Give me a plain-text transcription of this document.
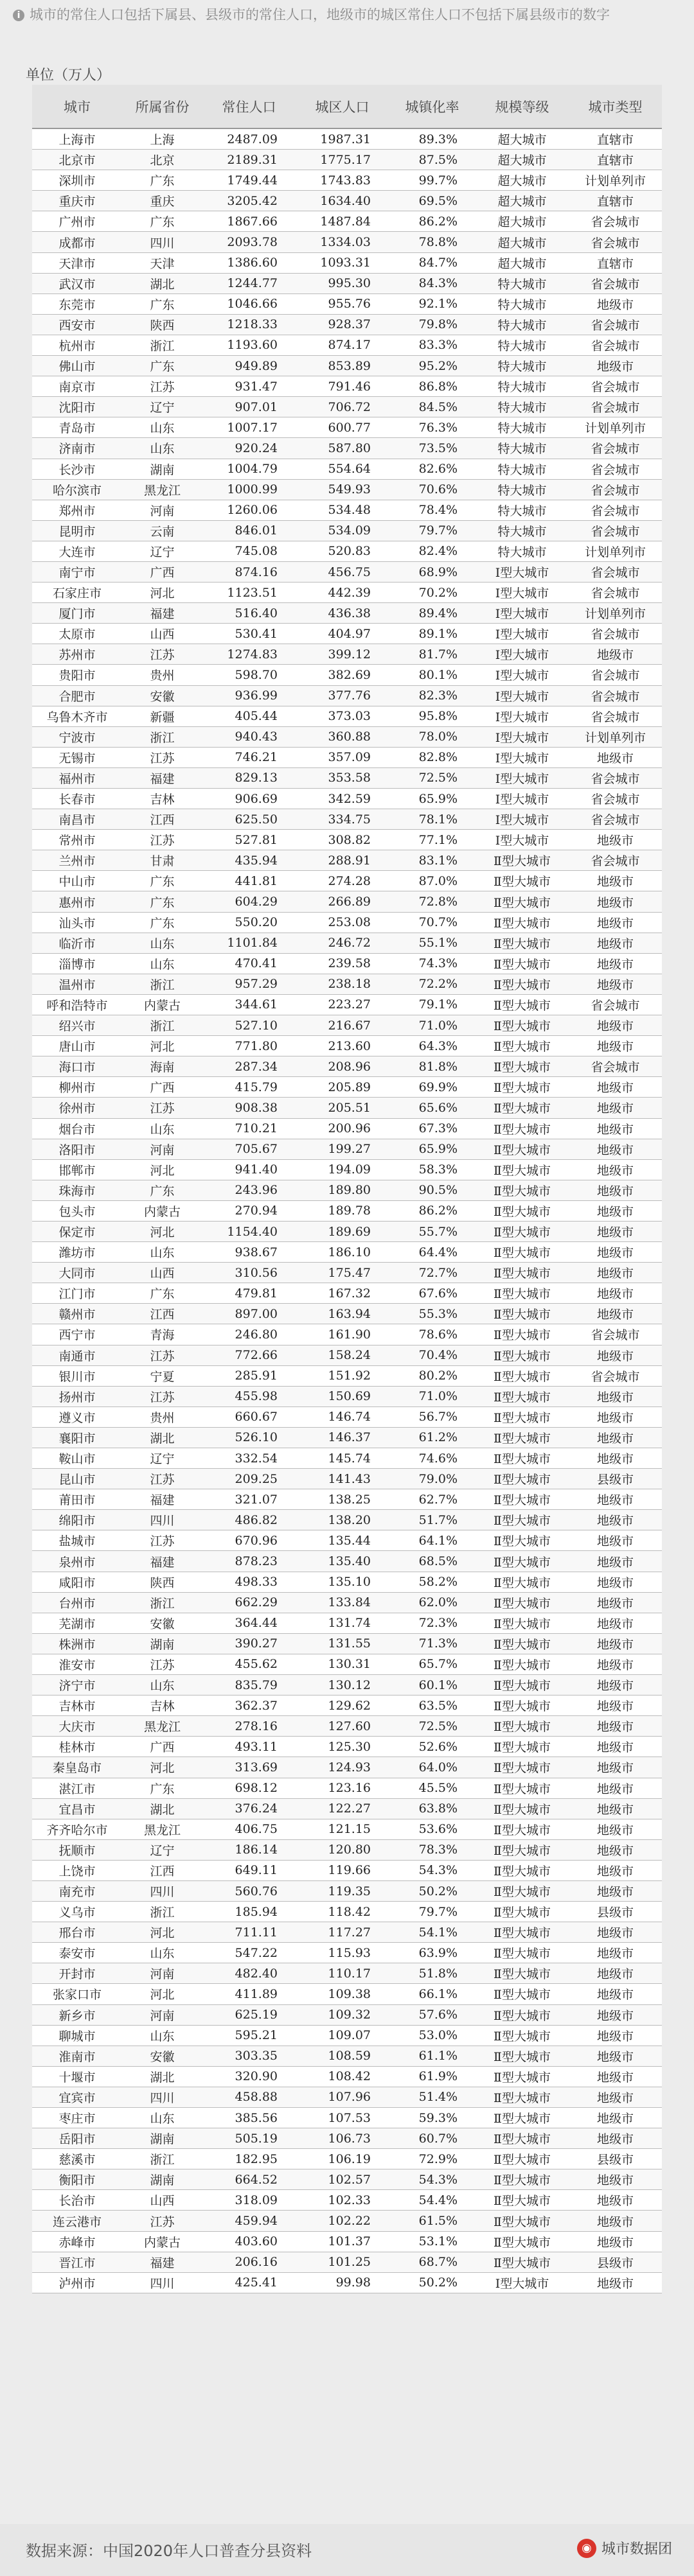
i 城市的常住人口包括下属县、县级市的常住人口，地级市的城区常住人口不包括下属县级市的数字
单位（万人）
城市	所属省份	常住人口	城区人口	城镇化率	规模等级	城市类型
上海市	上海	2487.09	1987.31	89.3%	超大城市	直辖市
北京市	北京	2189.31	1775.17	87.5%	超大城市	直辖市
深圳市	广东	1749.44	1743.83	99.7%	超大城市	计划单列市
重庆市	重庆	3205.42	1634.40	69.5%	超大城市	直辖市
广州市	广东	1867.66	1487.84	86.2%	超大城市	省会城市
成都市	四川	2093.78	1334.03	78.8%	超大城市	省会城市
天津市	天津	1386.60	1093.31	84.7%	超大城市	直辖市
武汉市	湖北	1244.77	995.30	84.3%	特大城市	省会城市
东莞市	广东	1046.66	955.76	92.1%	特大城市	地级市
西安市	陕西	1218.33	928.37	79.8%	特大城市	省会城市
杭州市	浙江	1193.60	874.17	83.3%	特大城市	省会城市
佛山市	广东	949.89	853.89	95.2%	特大城市	地级市
南京市	江苏	931.47	791.46	86.8%	特大城市	省会城市
沈阳市	辽宁	907.01	706.72	84.5%	特大城市	省会城市
青岛市	山东	1007.17	600.77	76.3%	特大城市	计划单列市
济南市	山东	920.24	587.80	73.5%	特大城市	省会城市
长沙市	湖南	1004.79	554.64	82.6%	特大城市	省会城市
哈尔滨市	黑龙江	1000.99	549.93	70.6%	特大城市	省会城市
郑州市	河南	1260.06	534.48	78.4%	特大城市	省会城市
昆明市	云南	846.01	534.09	79.7%	特大城市	省会城市
大连市	辽宁	745.08	520.83	82.4%	特大城市	计划单列市
南宁市	广西	874.16	456.75	68.9%	Ⅰ型大城市	省会城市
石家庄市	河北	1123.51	442.39	70.2%	Ⅰ型大城市	省会城市
厦门市	福建	516.40	436.38	89.4%	Ⅰ型大城市	计划单列市
太原市	山西	530.41	404.97	89.1%	Ⅰ型大城市	省会城市
苏州市	江苏	1274.83	399.12	81.7%	Ⅰ型大城市	地级市
贵阳市	贵州	598.70	382.69	80.1%	Ⅰ型大城市	省会城市
合肥市	安徽	936.99	377.76	82.3%	Ⅰ型大城市	省会城市
乌鲁木齐市	新疆	405.44	373.03	95.8%	Ⅰ型大城市	省会城市
宁波市	浙江	940.43	360.88	78.0%	Ⅰ型大城市	计划单列市
无锡市	江苏	746.21	357.09	82.8%	Ⅰ型大城市	地级市
福州市	福建	829.13	353.58	72.5%	Ⅰ型大城市	省会城市
长春市	吉林	906.69	342.59	65.9%	Ⅰ型大城市	省会城市
南昌市	江西	625.50	334.75	78.1%	Ⅰ型大城市	省会城市
常州市	江苏	527.81	308.82	77.1%	Ⅰ型大城市	地级市
兰州市	甘肃	435.94	288.91	83.1%	Ⅱ型大城市	省会城市
中山市	广东	441.81	274.28	87.0%	Ⅱ型大城市	地级市
惠州市	广东	604.29	266.89	72.8%	Ⅱ型大城市	地级市
汕头市	广东	550.20	253.08	70.7%	Ⅱ型大城市	地级市
临沂市	山东	1101.84	246.72	55.1%	Ⅱ型大城市	地级市
淄博市	山东	470.41	239.58	74.3%	Ⅱ型大城市	地级市
温州市	浙江	957.29	238.18	72.2%	Ⅱ型大城市	地级市
呼和浩特市	内蒙古	344.61	223.27	79.1%	Ⅱ型大城市	省会城市
绍兴市	浙江	527.10	216.67	71.0%	Ⅱ型大城市	地级市
唐山市	河北	771.80	213.60	64.3%	Ⅱ型大城市	地级市
海口市	海南	287.34	208.96	81.8%	Ⅱ型大城市	省会城市
柳州市	广西	415.79	205.89	69.9%	Ⅱ型大城市	地级市
徐州市	江苏	908.38	205.51	65.6%	Ⅱ型大城市	地级市
烟台市	山东	710.21	200.96	67.3%	Ⅱ型大城市	地级市
洛阳市	河南	705.67	199.27	65.9%	Ⅱ型大城市	地级市
邯郸市	河北	941.40	194.09	58.3%	Ⅱ型大城市	地级市
珠海市	广东	243.96	189.80	90.5%	Ⅱ型大城市	地级市
包头市	内蒙古	270.94	189.78	86.2%	Ⅱ型大城市	地级市
保定市	河北	1154.40	189.69	55.7%	Ⅱ型大城市	地级市
潍坊市	山东	938.67	186.10	64.4%	Ⅱ型大城市	地级市
大同市	山西	310.56	175.47	72.7%	Ⅱ型大城市	地级市
江门市	广东	479.81	167.32	67.6%	Ⅱ型大城市	地级市
赣州市	江西	897.00	163.94	55.3%	Ⅱ型大城市	地级市
西宁市	青海	246.80	161.90	78.6%	Ⅱ型大城市	省会城市
南通市	江苏	772.66	158.24	70.4%	Ⅱ型大城市	地级市
银川市	宁夏	285.91	151.92	80.2%	Ⅱ型大城市	省会城市
扬州市	江苏	455.98	150.69	71.0%	Ⅱ型大城市	地级市
遵义市	贵州	660.67	146.74	56.7%	Ⅱ型大城市	地级市
襄阳市	湖北	526.10	146.37	61.2%	Ⅱ型大城市	地级市
鞍山市	辽宁	332.54	145.74	74.6%	Ⅱ型大城市	地级市
昆山市	江苏	209.25	141.43	79.0%	Ⅱ型大城市	县级市
莆田市	福建	321.07	138.25	62.7%	Ⅱ型大城市	地级市
绵阳市	四川	486.82	138.20	51.7%	Ⅱ型大城市	地级市
盐城市	江苏	670.96	135.44	64.1%	Ⅱ型大城市	地级市
泉州市	福建	878.23	135.40	68.5%	Ⅱ型大城市	地级市
咸阳市	陕西	498.33	135.10	58.2%	Ⅱ型大城市	地级市
台州市	浙江	662.29	133.84	62.0%	Ⅱ型大城市	地级市
芜湖市	安徽	364.44	131.74	72.3%	Ⅱ型大城市	地级市
株洲市	湖南	390.27	131.55	71.3%	Ⅱ型大城市	地级市
淮安市	江苏	455.62	130.31	65.7%	Ⅱ型大城市	地级市
济宁市	山东	835.79	130.12	60.1%	Ⅱ型大城市	地级市
吉林市	吉林	362.37	129.62	63.5%	Ⅱ型大城市	地级市
大庆市	黑龙江	278.16	127.60	72.5%	Ⅱ型大城市	地级市
桂林市	广西	493.11	125.30	52.6%	Ⅱ型大城市	地级市
秦皇岛市	河北	313.69	124.93	64.0%	Ⅱ型大城市	地级市
湛江市	广东	698.12	123.16	45.5%	Ⅱ型大城市	地级市
宜昌市	湖北	376.24	122.27	63.8%	Ⅱ型大城市	地级市
齐齐哈尔市	黑龙江	406.75	121.15	53.6%	Ⅱ型大城市	地级市
抚顺市	辽宁	186.14	120.80	78.3%	Ⅱ型大城市	地级市
上饶市	江西	649.11	119.66	54.3%	Ⅱ型大城市	地级市
南充市	四川	560.76	119.35	50.2%	Ⅱ型大城市	地级市
义乌市	浙江	185.94	118.42	79.7%	Ⅱ型大城市	县级市
邢台市	河北	711.11	117.27	54.1%	Ⅱ型大城市	地级市
泰安市	山东	547.22	115.93	63.9%	Ⅱ型大城市	地级市
开封市	河南	482.40	110.17	51.8%	Ⅱ型大城市	地级市
张家口市	河北	411.89	109.38	66.1%	Ⅱ型大城市	地级市
新乡市	河南	625.19	109.32	57.6%	Ⅱ型大城市	地级市
聊城市	山东	595.21	109.07	53.0%	Ⅱ型大城市	地级市
淮南市	安徽	303.35	108.59	61.1%	Ⅱ型大城市	地级市
十堰市	湖北	320.90	108.42	61.9%	Ⅱ型大城市	地级市
宜宾市	四川	458.88	107.96	51.4%	Ⅱ型大城市	地级市
枣庄市	山东	385.56	107.53	59.3%	Ⅱ型大城市	地级市
岳阳市	湖南	505.19	106.73	60.7%	Ⅱ型大城市	地级市
慈溪市	浙江	182.95	106.19	72.9%	Ⅱ型大城市	县级市
衡阳市	湖南	664.52	102.57	54.3%	Ⅱ型大城市	地级市
长治市	山西	318.09	102.33	54.4%	Ⅱ型大城市	地级市
连云港市	江苏	459.94	102.22	61.5%	Ⅱ型大城市	地级市
赤峰市	内蒙古	403.60	101.37	53.1%	Ⅱ型大城市	地级市
晋江市	福建	206.16	101.25	68.7%	Ⅱ型大城市	县级市
泸州市	四川	425.41	99.98	50.2%	Ⅰ型大城市	地级市
数据来源：中国2020年人口普查分县资料	◉ 城市数据团
